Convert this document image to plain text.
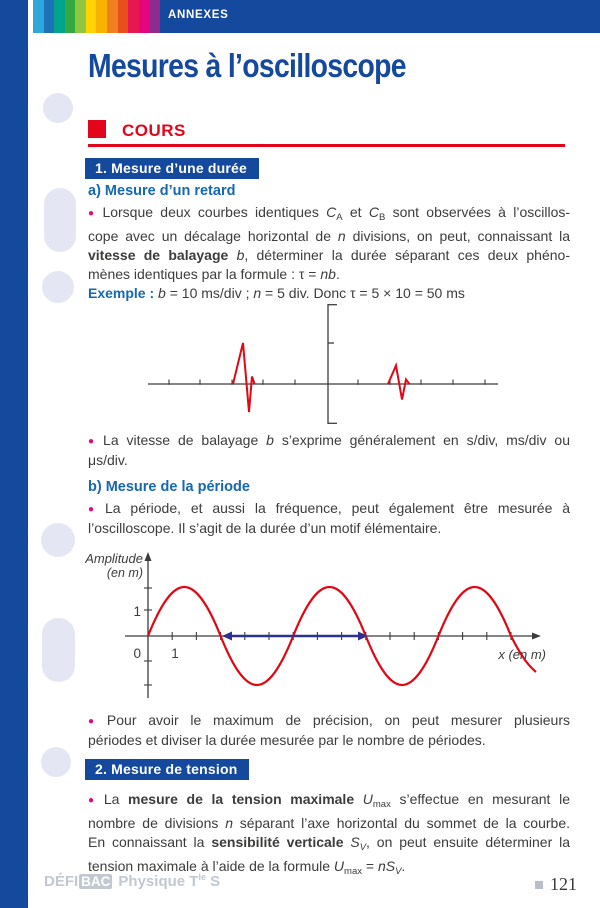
ANNEXES
Mesures à l’oscilloscope
COURS
1. Mesure d’une durée
a) Mesure d’un retard
● Lorsque deux courbes identiques $C_A$ et $C_B$ sont observées à l’oscillos-
cope avec un décalage horizontal de n divisions, on peut, connaissant la
vitesse de balayage b, déterminer la durée séparant ces deux phéno-
mènes identiques par la formule : τ = nb.
Exemple : b = 10 ms/div ; n = 5 div. Donc τ = 5 × 10 = 50 ms
● La vitesse de balayage b s’exprime généralement en s/div, ms/div ou
μs/div.
b) Mesure de la période
● La période, et aussi la fréquence, peut également être mesurée à
l’oscilloscope. Il s’agit de la durée d’un motif élémentaire.
Amplitude
(en m)
1
0 1	x (en m)
● Pour avoir le maximum de précision, on peut mesurer plusieurs
périodes et diviser la durée mesurée par le nombre de périodes.
2. Mesure de tension
● La mesure de la tension maximale $U_{max}$ s’effectue en mesurant le
nombre de divisions n séparant l’axe horizontal du sommet de la courbe.
En connaissant la sensibilité verticale $S_V$, on peut ensuite déterminer la
tension maximale à l’aide de la formule $U_{max} = nS_V$.
DÉFI BAC Physique $T^{le}$ S	121
